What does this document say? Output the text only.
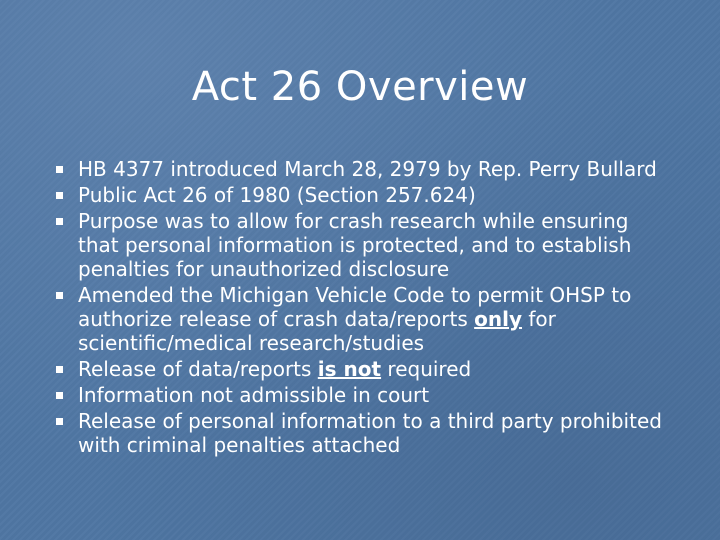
Act 26 Overview
HB 4377 introduced March 28, 2979 by Rep. Perry Bullard
Public Act 26 of 1980 (Section 257.624)
Purpose was to allow for crash research while ensuring that personal information is protected, and to establish penalties for unauthorized disclosure
Amended the Michigan Vehicle Code to permit OHSP to authorize release of crash data/reports only for scientific/medical research/studies
Release of data/reports is not required
Information not admissible in court
Release of personal information to a third party prohibited with criminal penalties attached
